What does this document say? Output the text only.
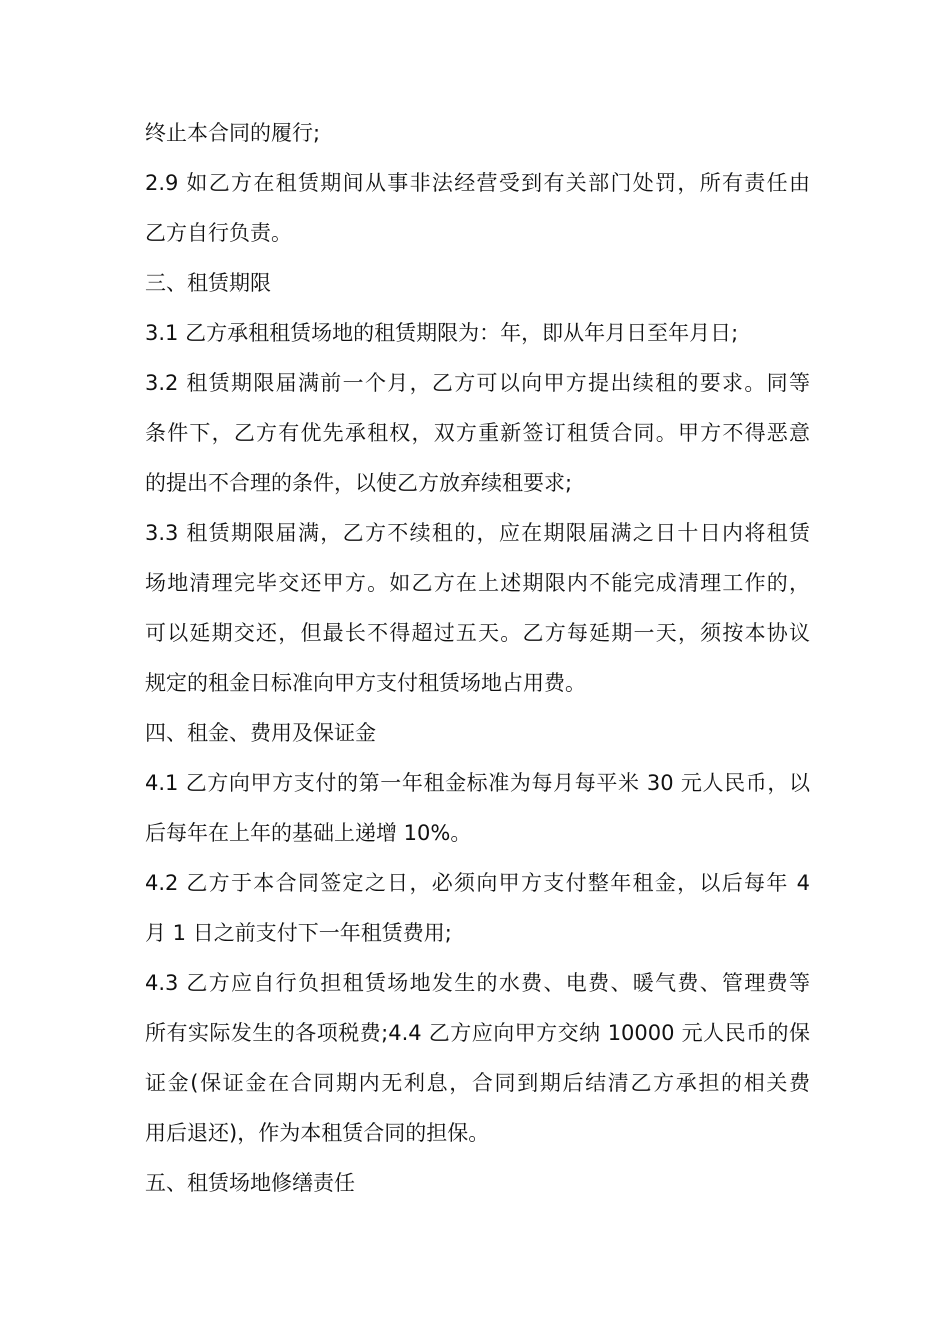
终止本合同的履行;
2.9 如乙方在租赁期间从事非法经营受到有关部门处罚，所有责任由
乙方自行负责。
三、租赁期限
3.1 乙方承租租赁场地的租赁期限为：年，即从年月日至年月日;
3.2 租赁期限届满前一个月，乙方可以向甲方提出续租的要求。同等
条件下，乙方有优先承租权，双方重新签订租赁合同。甲方不得恶意
的提出不合理的条件，以使乙方放弃续租要求;
3.3 租赁期限届满，乙方不续租的，应在期限届满之日十日内将租赁
场地清理完毕交还甲方。如乙方在上述期限内不能完成清理工作的，
可以延期交还，但最长不得超过五天。乙方每延期一天，须按本协议
规定的租金日标准向甲方支付租赁场地占用费。
四、租金、费用及保证金
4.1 乙方向甲方支付的第一年租金标准为每月每平米 30 元人民币，以
后每年在上年的基础上递增 10%。
4.2 乙方于本合同签定之日，必须向甲方支付整年租金，以后每年 4
月 1 日之前支付下一年租赁费用;
4.3 乙方应自行负担租赁场地发生的水费、电费、暖气费、管理费等
所有实际发生的各项税费;4.4 乙方应向甲方交纳 10000 元人民币的保
证金(保证金在合同期内无利息，合同到期后结清乙方承担的相关费
用后退还)，作为本租赁合同的担保。
五、租赁场地修缮责任
